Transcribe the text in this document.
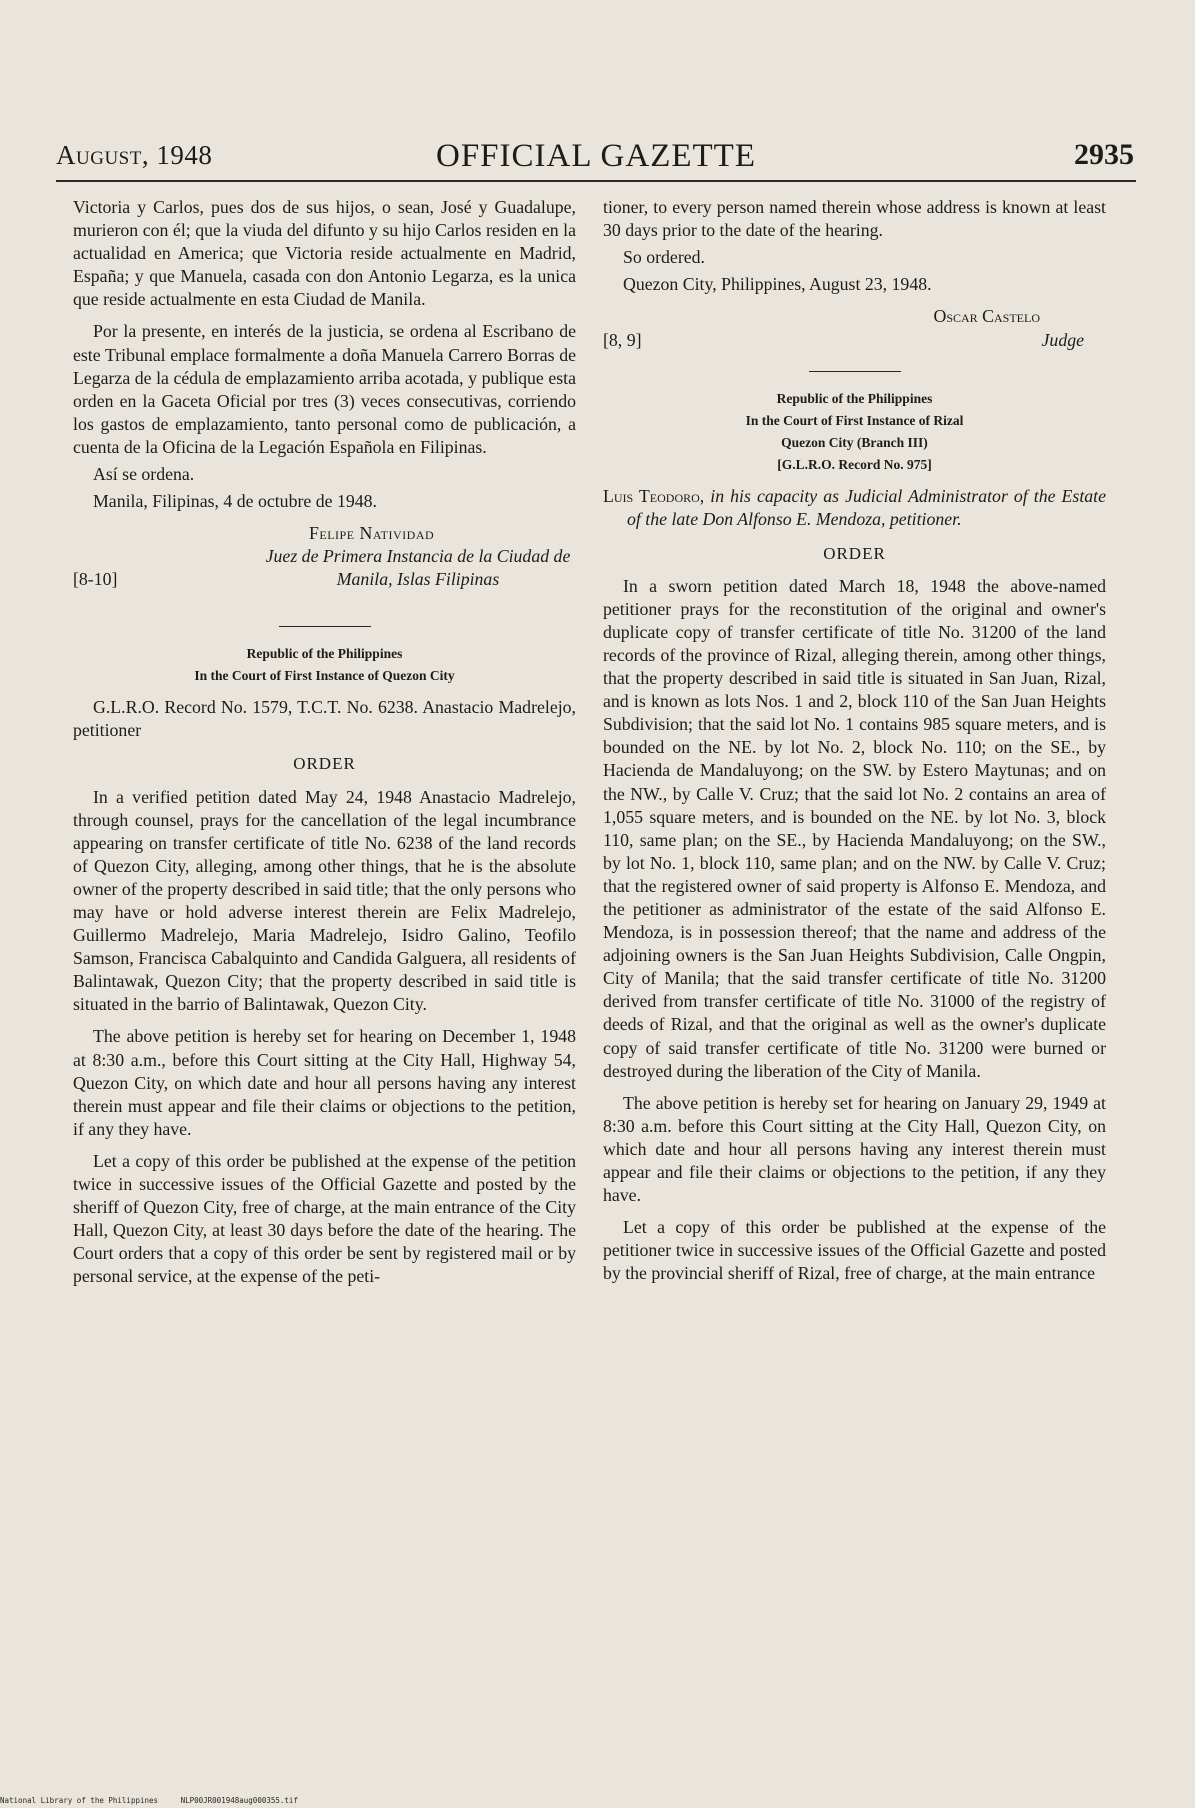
August, 1948	OFFICIAL GAZETTE	2935

Victoria y Carlos, pues dos de sus hijos, o sean, José y Guadalupe, murieron con él; que la viuda del difunto y su hijo Carlos residen en la actualidad en America; que Victoria reside actualmente en Madrid, España; y que Manuela, casada con don Antonio Legarza, es la unica que reside actualmente en esta Ciudad de Manila.

Por la presente, en interés de la justicia, se ordena al Escribano de este Tribunal emplace formalmente a doña Manuela Carrero Borras de Legarza de la cédula de emplazamiento arriba acotada, y publique esta orden en la Gaceta Oficial por tres (3) veces consecutivas, corriendo los gastos de emplazamiento, tanto personal como de publicación, a cuenta de la Oficina de la Legación Española en Filipinas.

Así se ordena.

Manila, Filipinas, 4 de octubre de 1948.

Felipe Natividad
Juez de Primera Instancia de la Ciudad de Manila, Islas Filipinas
[8-10]
Republic of the Philippines
In the Court of First Instance of Quezon City

G.L.R.O. Record No. 1579, T.C.T. No. 6238. Anastacio Madrelejo, petitioner

ORDER

In a verified petition dated May 24, 1948 Anastacio Madrelejo, through counsel, prays for the cancellation of the legal incumbrance appearing on transfer certificate of title No. 6238 of the land records of Quezon City, alleging, among other things, that he is the absolute owner of the property described in said title; that the only persons who may have or hold adverse interest therein are Felix Madrelejo, Guillermo Madrelejo, Maria Madrelejo, Isidro Galino, Teofilo Samson, Francisca Cabalquinto and Candida Galguera, all residents of Balintawak, Quezon City; that the property described in said title is situated in the barrio of Balintawak, Quezon City.

The above petition is hereby set for hearing on December 1, 1948 at 8:30 a.m., before this Court sitting at the City Hall, Highway 54, Quezon City, on which date and hour all persons having any interest therein must appear and file their claims or objections to the petition, if any they have.

Let a copy of this order be published at the expense of the petition twice in successive issues of the Official Gazette and posted by the sheriff of Quezon City, free of charge, at the main entrance of the City Hall, Quezon City, at least 30 days before the date of the hearing. The Court orders that a copy of this order be sent by registered mail or by personal service, at the expense of the peti-

tioner, to every person named therein whose address is known at least 30 days prior to the date of the hearing.

So ordered.

Quezon City, Philippines, August 23, 1948.

Oscar Castelo
Judge
[8, 9]
Republic of the Philippines
In the Court of First Instance of Rizal
Quezon City (Branch III)
[G.L.R.O. Record No. 975]

Luis Teodoro, in his capacity as Judicial Administrator of the Estate of the late Don Alfonso E. Mendoza, petitioner.

ORDER

In a sworn petition dated March 18, 1948 the above-named petitioner prays for the reconstitution of the original and owner's duplicate copy of transfer certificate of title No. 31200 of the land records of the province of Rizal, alleging therein, among other things, that the property described in said title is situated in San Juan, Rizal, and is known as lots Nos. 1 and 2, block 110 of the San Juan Heights Subdivision; that the said lot No. 1 contains 985 square meters, and is bounded on the NE. by lot No. 2, block No. 110; on the SE., by Hacienda de Mandaluyong; on the SW. by Estero Maytunas; and on the NW., by Calle V. Cruz; that the said lot No. 2 contains an area of 1,055 square meters, and is bounded on the NE. by lot No. 3, block 110, same plan; on the SE., by Hacienda Mandaluyong; on the SW., by lot No. 1, block 110, same plan; and on the NW. by Calle V. Cruz; that the registered owner of said property is Alfonso E. Mendoza, and the petitioner as administrator of the estate of the said Alfonso E. Mendoza, is in possession thereof; that the name and address of the adjoining owners is the San Juan Heights Subdivision, Calle Ongpin, City of Manila; that the said transfer certificate of title No. 31200 derived from transfer certificate of title No. 31000 of the registry of deeds of Rizal, and that the original as well as the owner's duplicate copy of said transfer certificate of title No. 31200 were burned or destroyed during the liberation of the City of Manila.

The above petition is hereby set for hearing on January 29, 1949 at 8:30 a.m. before this Court sitting at the City Hall, Quezon City, on which date and hour all persons having any interest therein must appear and file their claims or objections to the petition, if any they have.

Let a copy of this order be published at the expense of the petitioner twice in successive issues of the Official Gazette and posted by the provincial sheriff of Rizal, free of charge, at the main entrance

National Library of the Philippines	NLP00JR001948aug000355.tif
